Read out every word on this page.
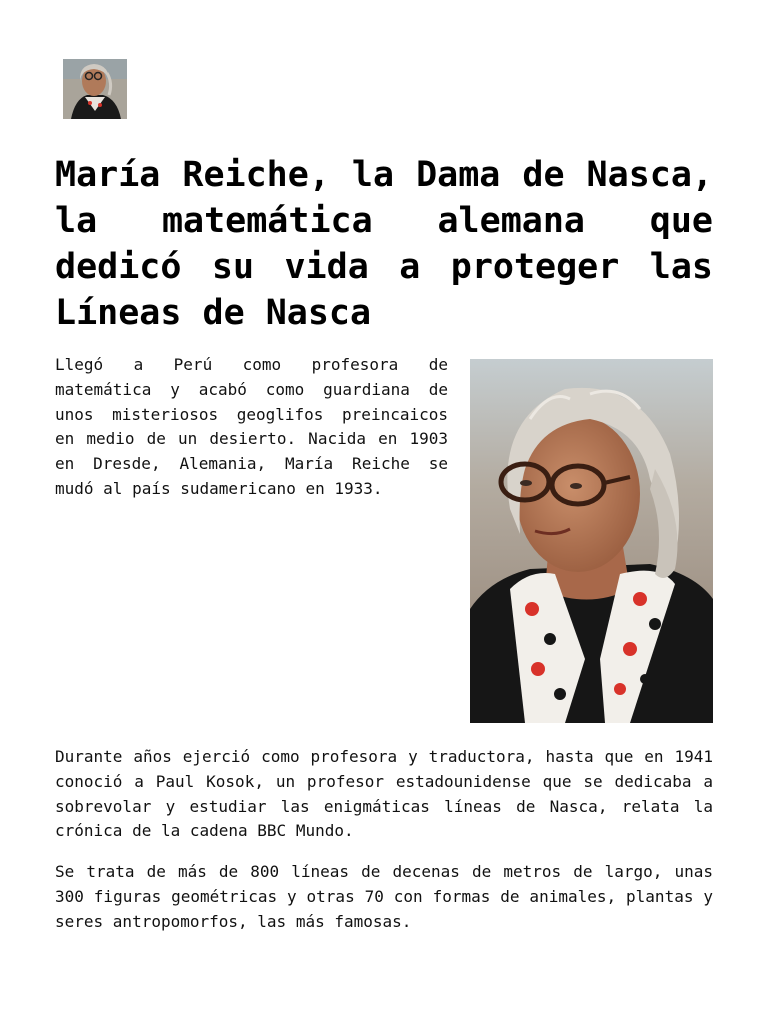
María Reiche, la Dama de Nasca, la matemática alemana que dedicó su vida a proteger las Líneas de Nasca

Llegó a Perú como profesora de matemática y acabó como guardiana de unos misteriosos geoglifos preincaicos en medio de un desierto. Nacida en 1903 en Dresde, Alemania, María Reiche se mudó al país sudamericano en 1933.

Durante años ejerció como profesora y traductora, hasta que en 1941 conoció a Paul Kosok, un profesor estadounidense que se dedicaba a sobrevolar y estudiar las enigmáticas líneas de Nasca, relata la crónica de la cadena BBC Mundo.

Se trata de más de 800 líneas de decenas de metros de largo, unas 300 figuras geométricas y otras 70 con formas de animales, plantas y seres antropomorfos, las más famosas.
